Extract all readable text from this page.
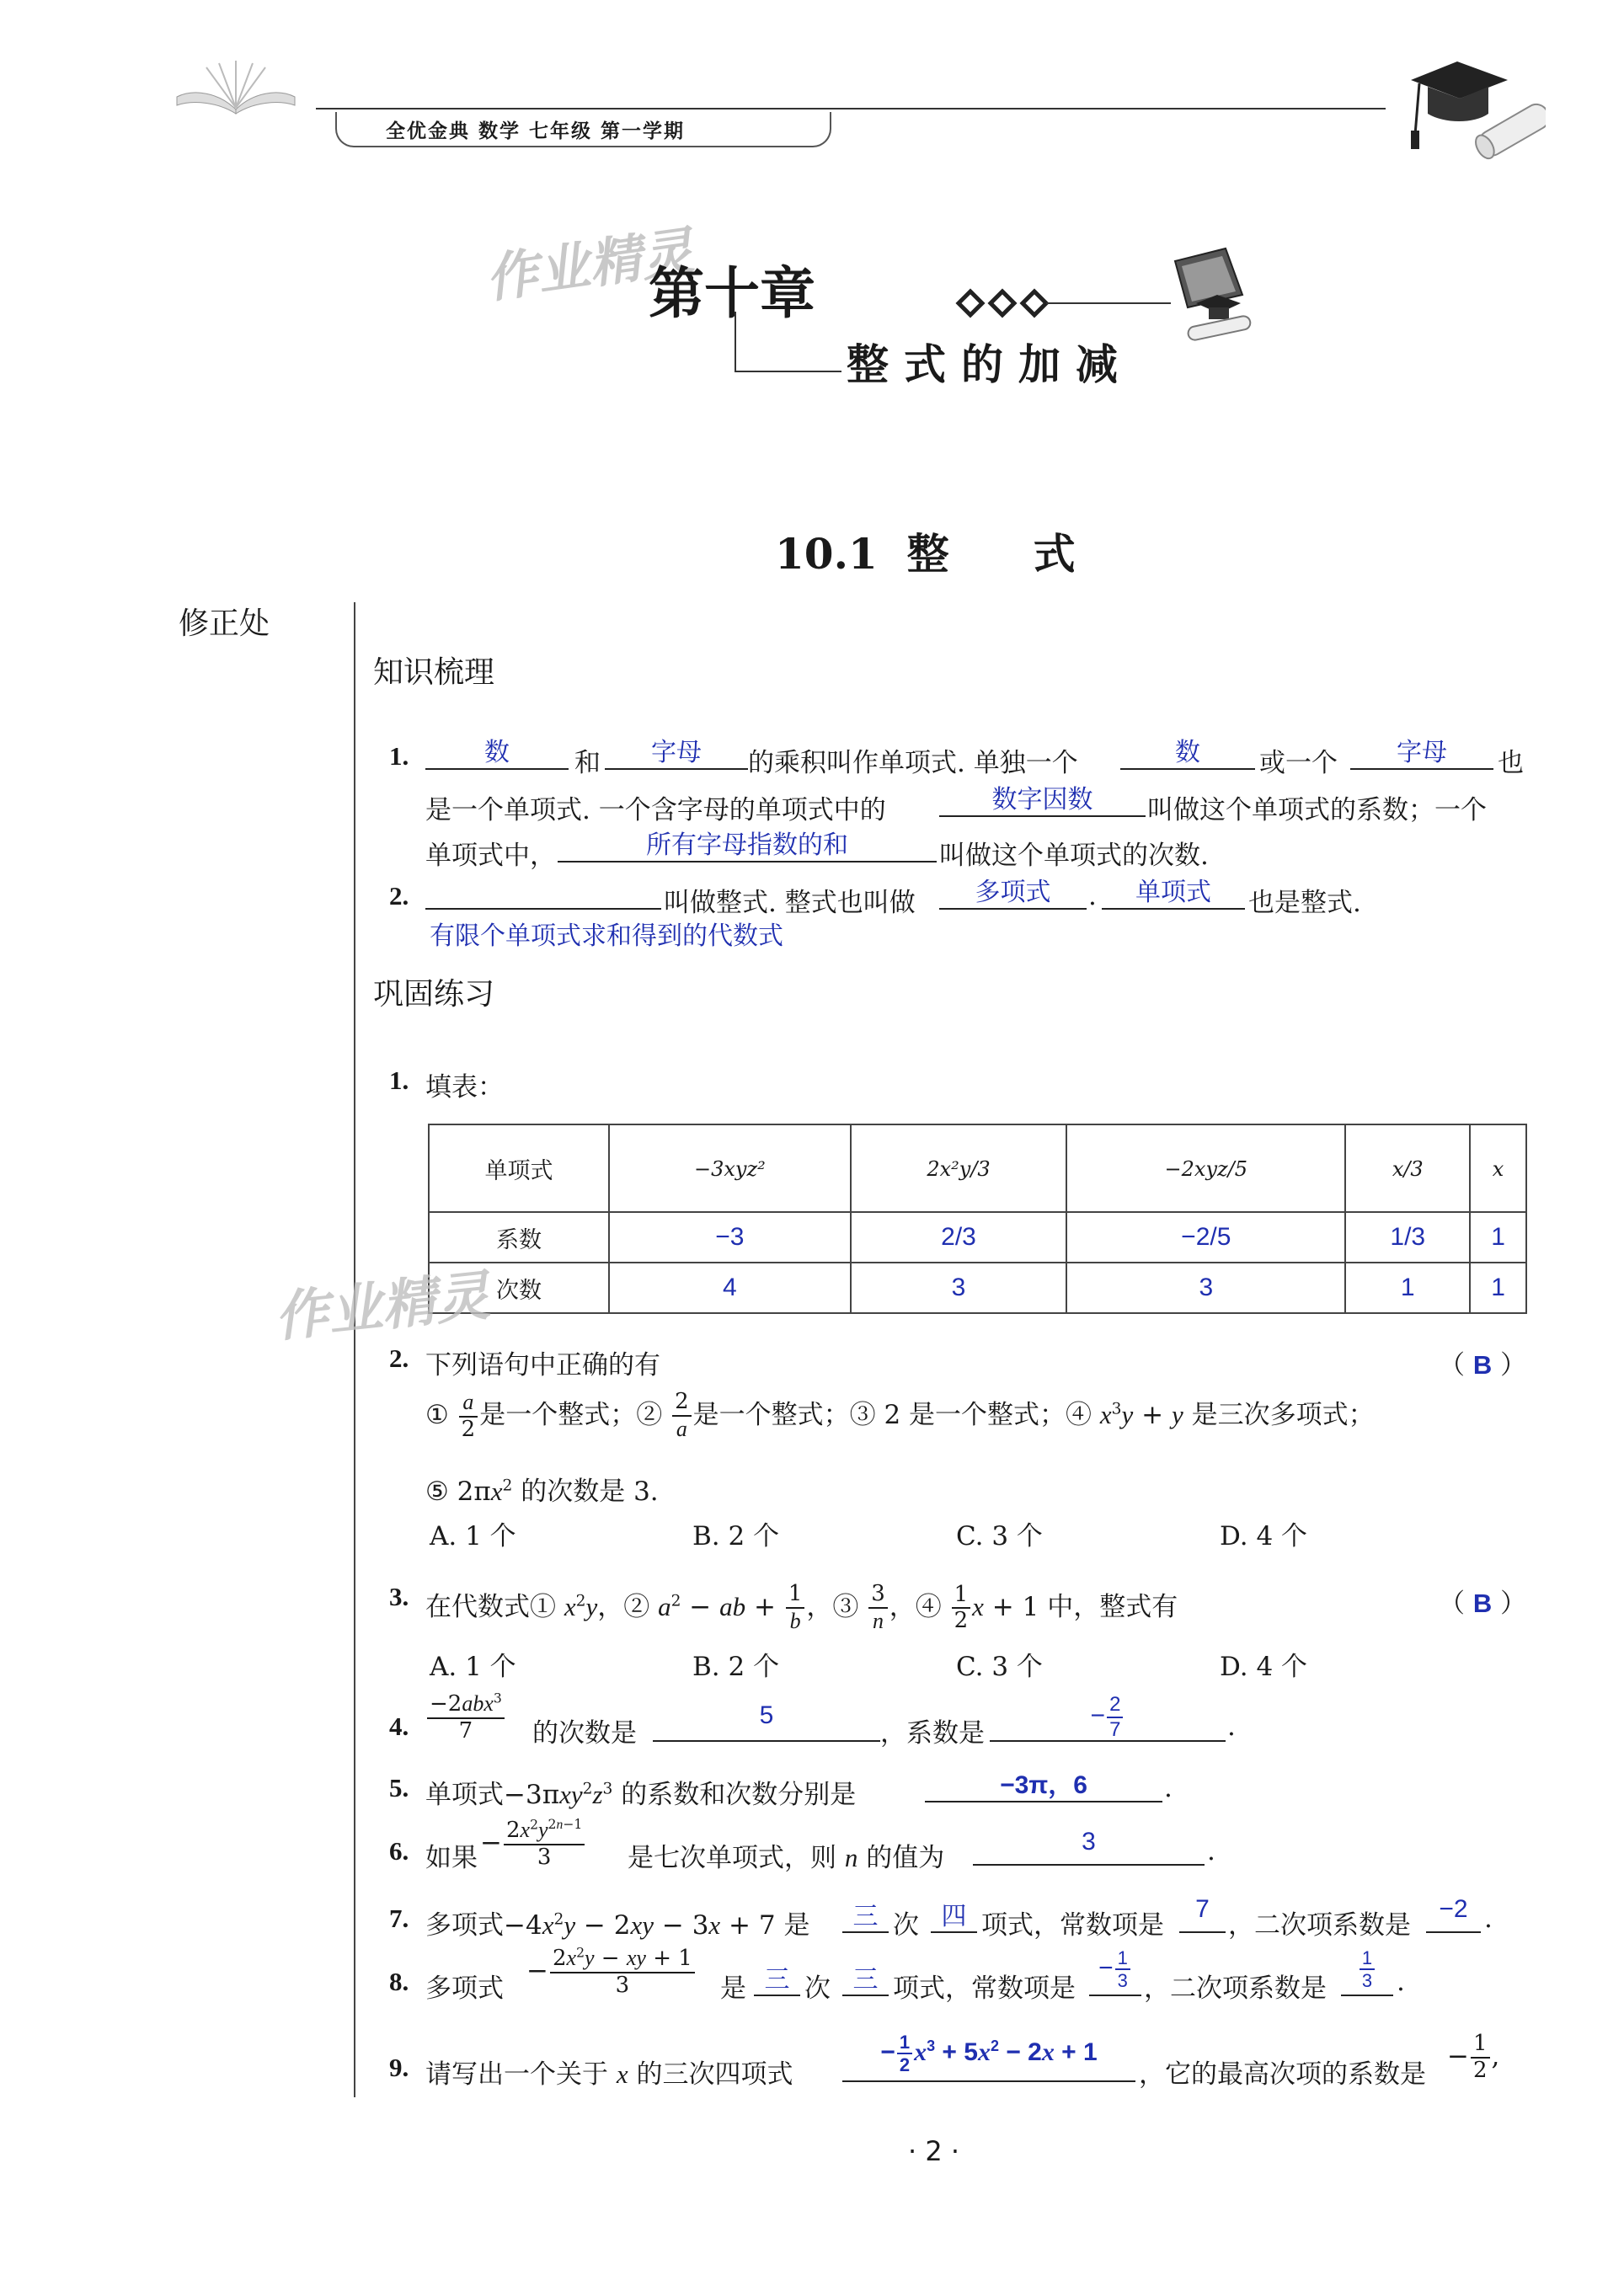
全优金典 数学 七年级 第一学期
作业精灵
第十章
整式的加减
10.1  整　　式
修正处
知识梳理
1.	数	和	字母	的乘积叫作单项式. 单独一个	数	或一个	字母	也
是一个单项式. 一个含字母的单项式中的	数字因数	叫做这个单项式的系数；一个
单项式中，	所有字母指数的和	叫做这个单项式的次数.
2.	叫做整式. 整式也叫做	多项式	.	单项式	也是整式.
有限个单项式求和得到的代数式
巩固练习
1. 填表：
单项式	−3xyz²	2x²y/3	−2xyz/5	x/3	x
系数	−3	2/3	−2/5	1/3	1
次数	4	3	3	1	1
作业精灵
2. 下列语句中正确的有	（ B ）
① $\frac{a}{2}$ 是一个整式；② $\frac{2}{a}$ 是一个整式；③ 2 是一个整式；④ $x^3y + y$ 是三次多项式；
⑤ $2\pi x^2$ 的次数是 3.
A. 1 个	B. 2 个	C. 3 个	D. 4 个
3. 在代数式① $x^2y$，② $a^2$ − ab + $\frac{1}{b}$ ，③ $\frac{3}{n}$ ，④ $\frac{1}{2}$ x + 1 中，整式有	（ B ）
A. 1 个	B. 2 个	C. 3 个	D. 4 个
4. $\frac{-2abx^3}{7}$ 的次数是
5
，系数是
− $\frac{2}{7}$	.
5. 单项式$-3\pi xy^2z^3$ 的系数和次数分别是	−3π，6	.
6. 如果
− $\frac{2x^2y^{2n-1}}{3}$ 是七次单项式，则 n 的值为
3	.
7. 多项式$-4x^2y - 2xy - 3x + 7$ 是	三 次 四 项式，常数项是
7
，二次项系数是
−2 .
8. 多项式
− $\frac{2x^2y - xy + 1}{3}$ 是 三 次 三 项式，常数项是
− $\frac{1}{3}$ ，二次项系数是 $\frac{1}{3}$ .
9. 请写出一个关于 x 的三次四项式
− $\frac{1}{2} x^3 + 5x^2 - 2x + 1$
，它的最高次项的系数是
− $\frac{1}{2}$ ,
· 2 ·
